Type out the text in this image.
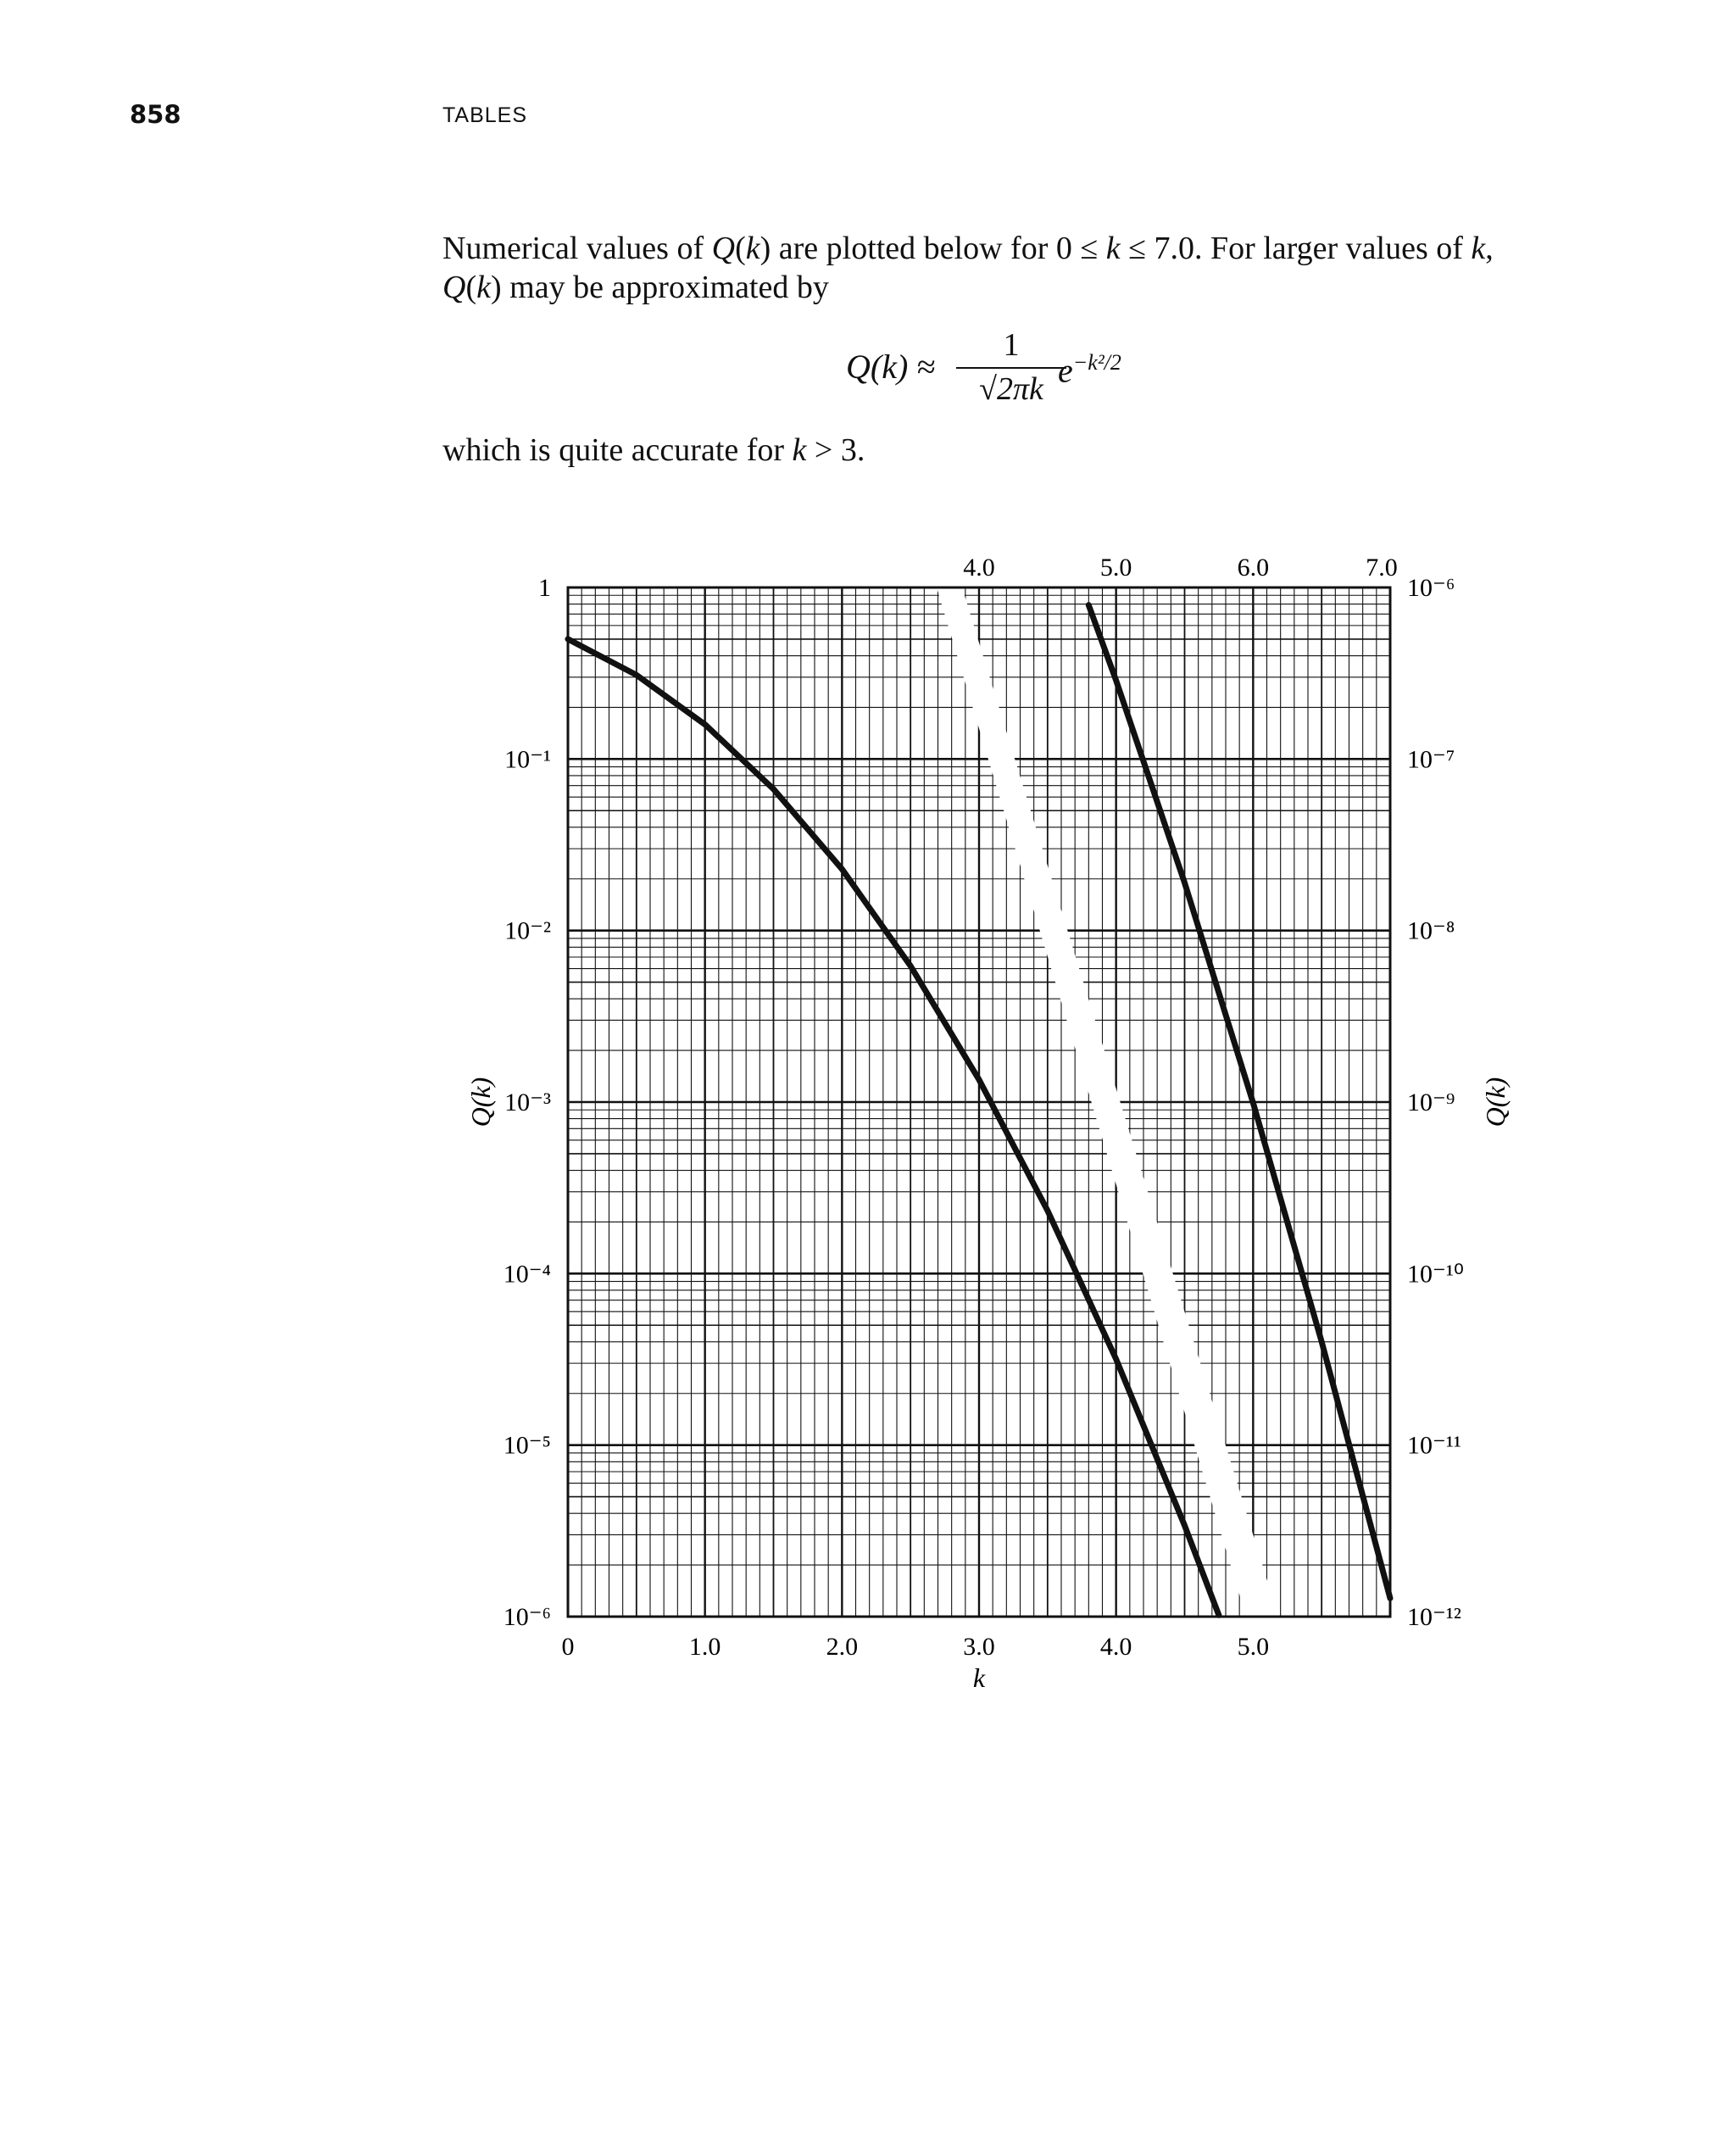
858	TABLES
Numerical values of Q(k) are plotted below for 0 ≤ k ≤ 7.0. For larger values of k,
Q(k) may be approximated by
Q(k) ≈
1
√2πk $e^{-k^2/2}$
which is quite accurate for k > 3.
0	1.0	2.0	3.0	4.0	5.0
4.0	5.0	6.0	7.0
1
10⁻¹
10⁻²
10⁻³
10⁻⁴
10⁻⁵
10⁻⁶
10⁻⁶
10⁻⁷
10⁻⁸
10⁻⁹
10⁻¹⁰
10⁻¹¹
10⁻¹²
k
Q(k)	Q(k)
